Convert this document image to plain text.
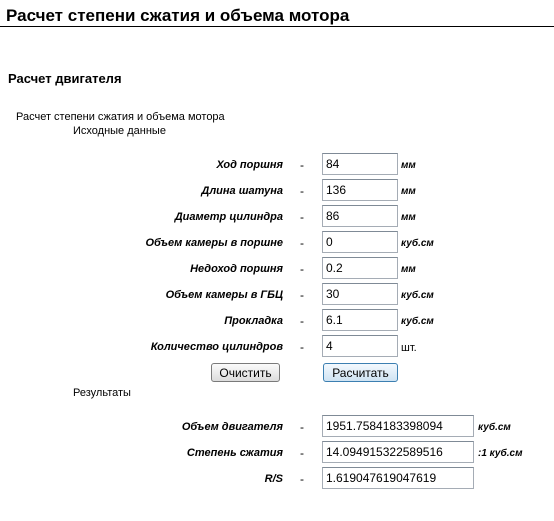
Расчет степени сжатия и объема мотора
Расчет двигателя
Расчет степени сжатия и объема мотора
Исходные данные
Ход поршня -
84	мм
Длина шатуна -
136	мм
Диаметр цилиндра -
86	мм
Объем камеры в поршне -
0	куб.см
Недоход поршня -
0.2	мм
Объем камеры в ГБЦ -
30	куб.см
Прокладка -
6.1	куб.см
Количество цилиндров -
4	шт.
Очистить	Расчитать
Результаты
Объем двигателя -
1951.7584183398094	куб.см
Степень сжатия -
14.094915322589516	:1 куб.см
R/S -
1.619047619047619
